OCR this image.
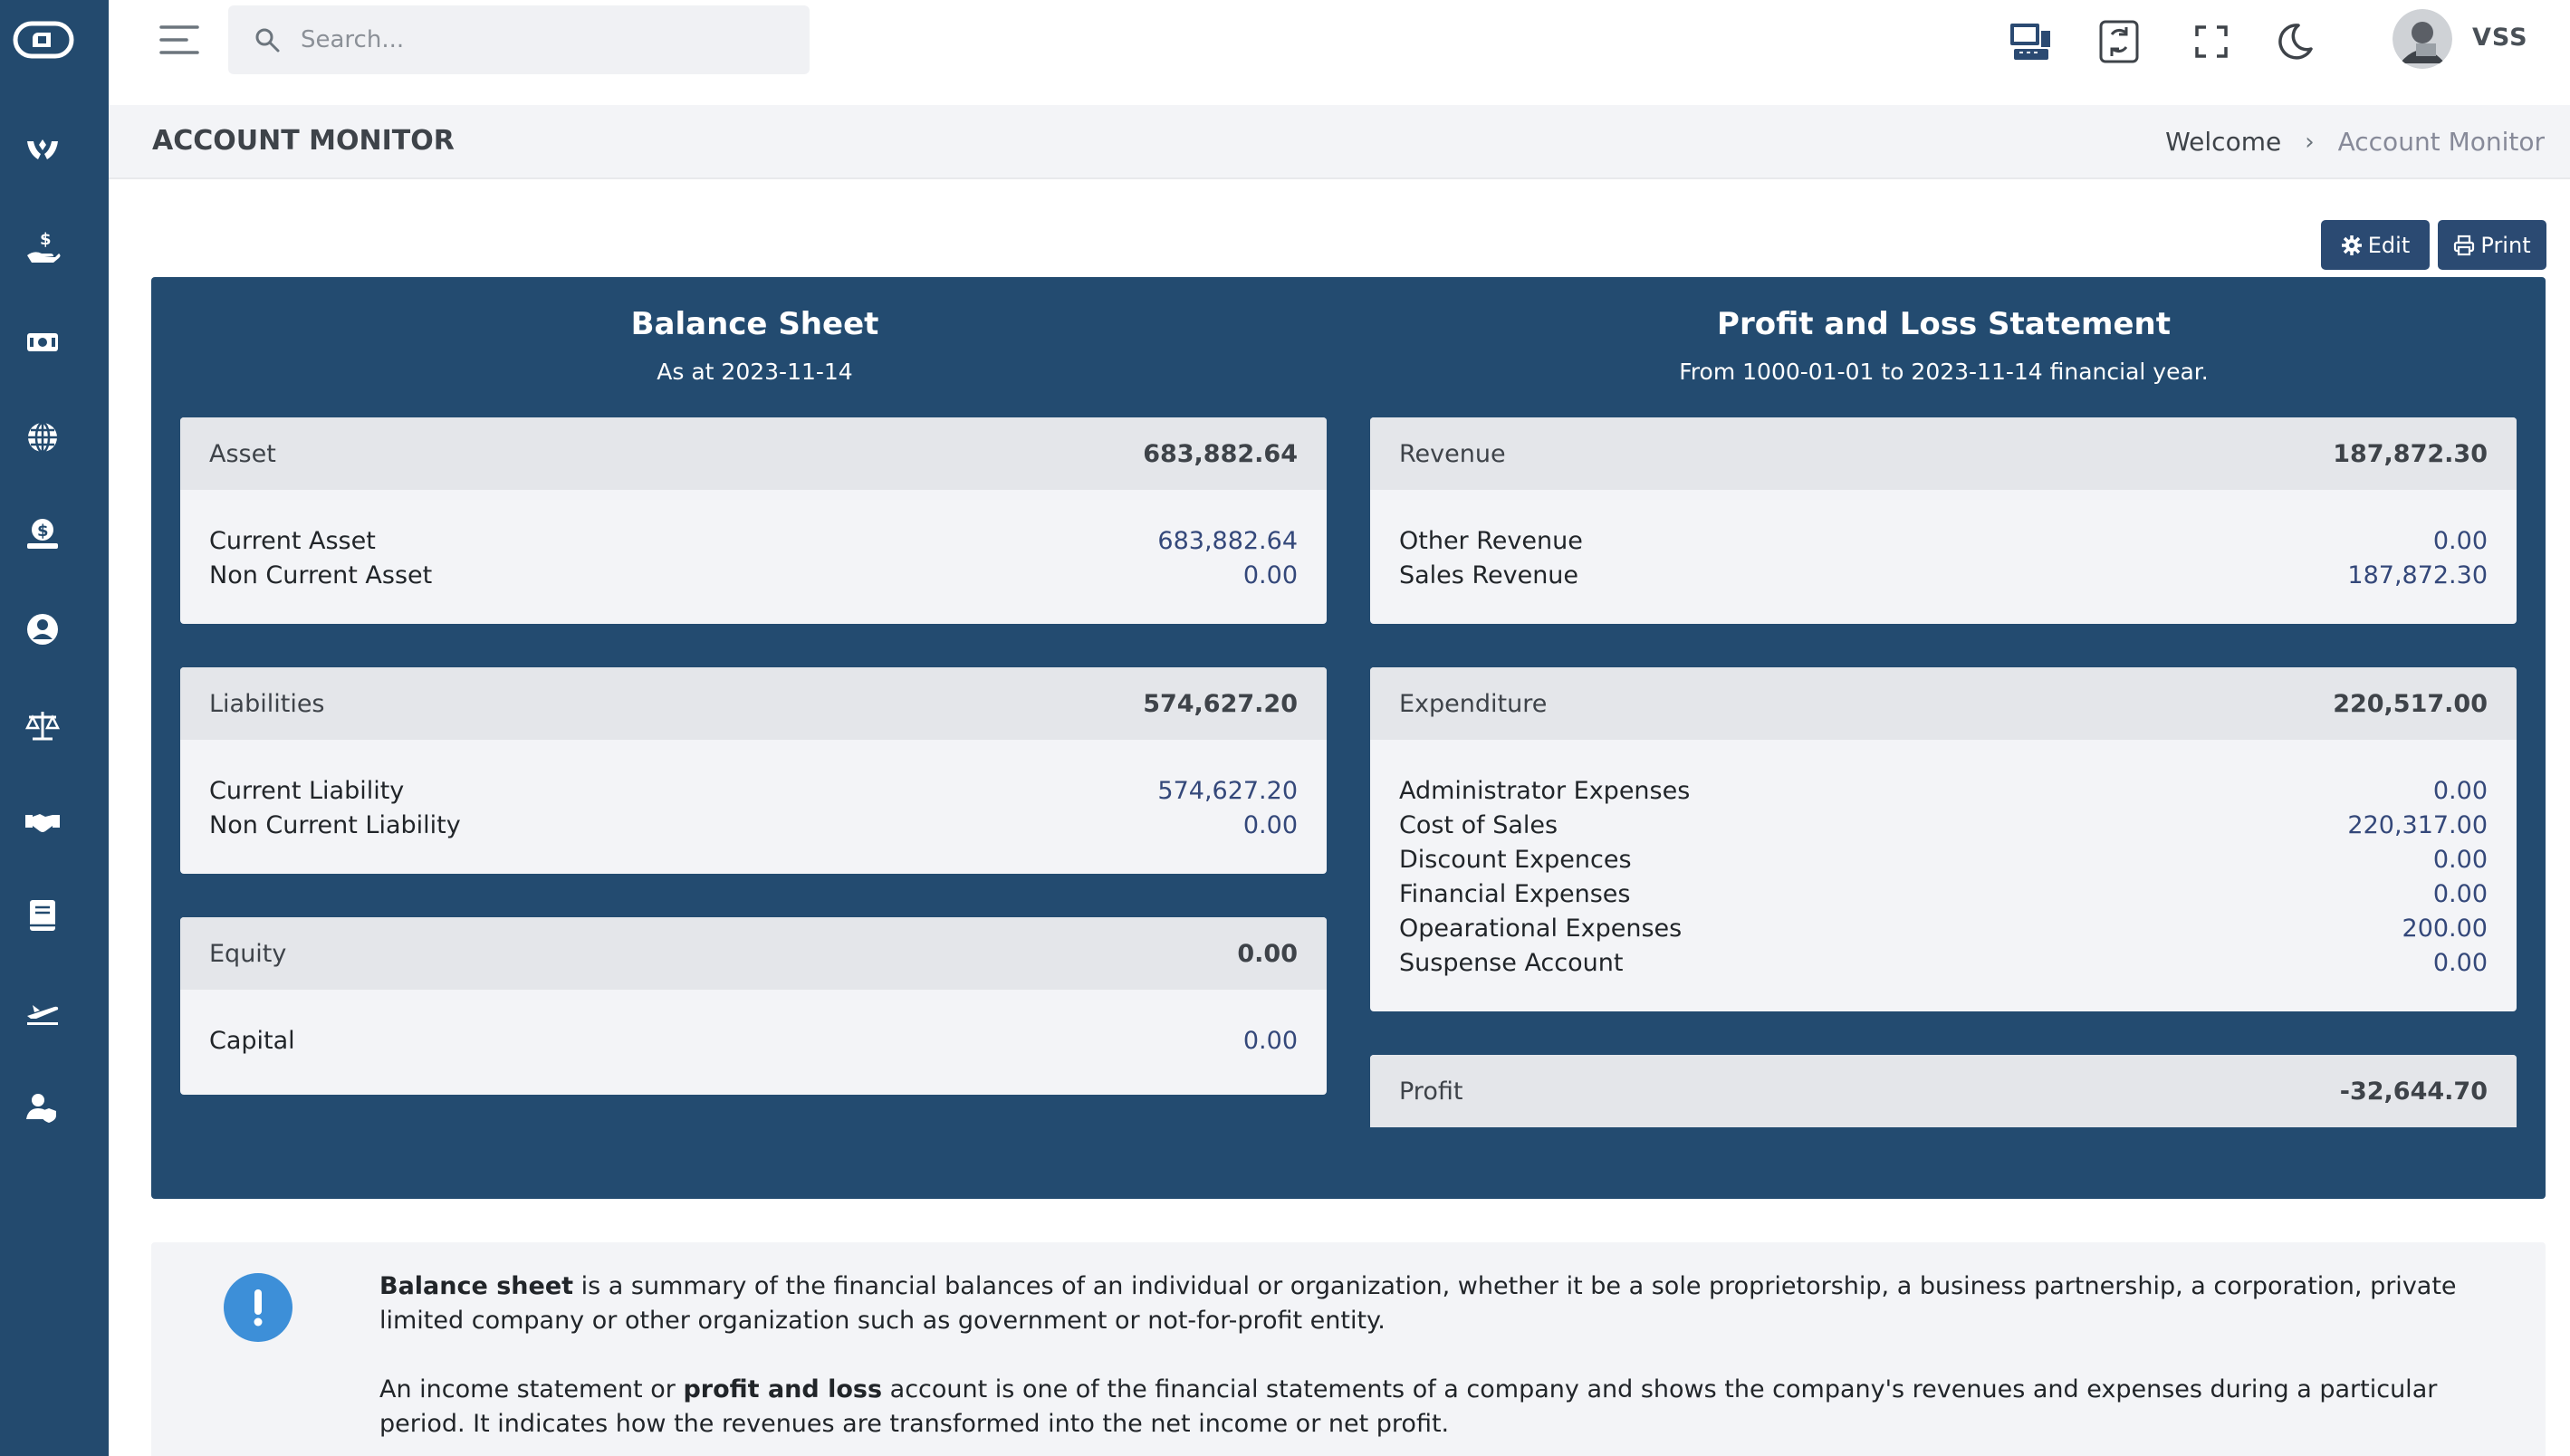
$
$
Search...
VSS
ACCOUNT MONITOR	Welcome › Account Monitor
Edit	Print
Balance Sheet

As at 2023-11-14

Profit and Loss Statement

From 1000-01-01 to 2023-11-14 financial year.

Asset	683,882.64
Current Asset	683,882.64
Non Current Asset	0.00
Liabilities	574,627.20
Current Liability	574,627.20
Non Current Liability	0.00
Equity	0.00
Capital	0.00
Revenue	187,872.30
Other Revenue	0.00
Sales Revenue	187,872.30
Expenditure	220,517.00
Administrator Expenses	0.00
Cost of Sales	220,317.00
Discount Expences	0.00
Financial Expenses	0.00
Opearational Expenses	200.00
Suspense Account	0.00
Profit	-32,644.70

Balance sheet is a summary of the financial balances of an individual or organization, whether it be a sole proprietorship, a business partnership, a corporation, private limited company or other organization such as government or not-for-profit entity.

An income statement or profit and loss account is one of the financial statements of a company and shows the company's revenues and expenses during a particular period. It indicates how the revenues are transformed into the net income or net profit.
